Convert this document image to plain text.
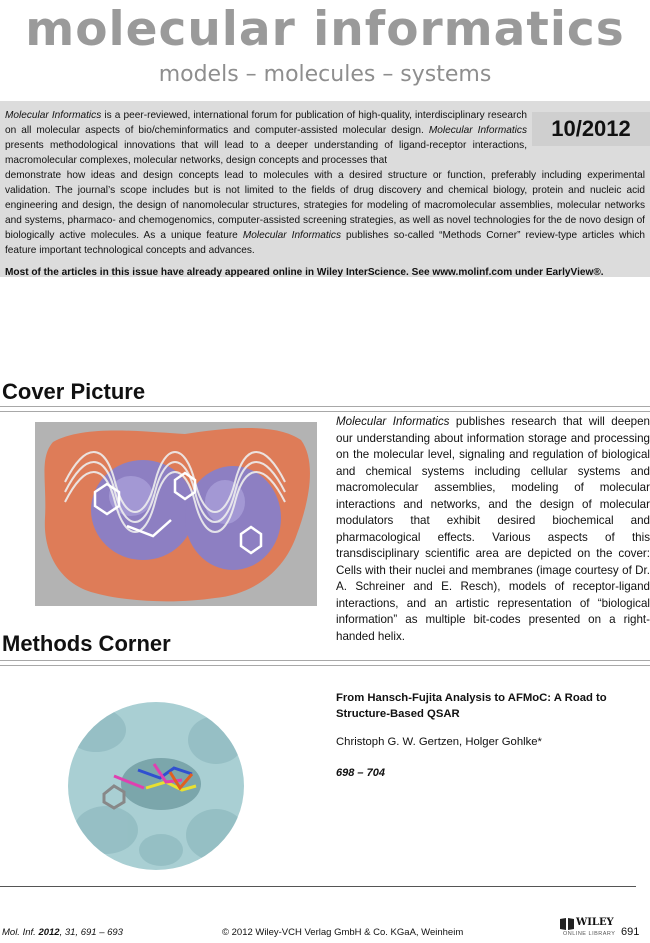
molecular informatics
models – molecules – systems
10/2012

Molecular Informatics is a peer-reviewed, international forum for publication of high-quality, interdisciplinary research on all molecular aspects of bio/cheminformatics and computer-assisted molecular design. Molecular Informatics presents methodological innovations that will lead to a deeper understanding of ligand-receptor interactions, macromolecular complexes, molecular networks, design concepts and processes that

demonstrate how ideas and design concepts lead to molecules with a desired structure or function, preferably including experimental validation. The journal’s scope includes but is not limited to the fields of drug discovery and chemical biology, protein and nucleic acid engineering and design, the design of nanomolecular structures, strategies for modeling of macromolecular assemblies, molecular networks and systems, pharmaco- and chemogenomics, computer-assisted screening strategies, as well as novel technologies for the de novo design of biologically active molecules. As a unique feature Molecular Informatics publishes so-called “Methods Corner” review-type articles which feature important technological concepts and advances.

Most of the articles in this issue have already appeared online in Wiley InterScience. See www.molinf.com under EarlyView®.

Cover Picture

Molecular Informatics publishes research that will deepen our understanding about information storage and processing on the molecular level, signaling and regulation of biological and chemical systems including cellular systems and macromolecular assemblies, modeling of molecular interactions and networks, and the design of molecular modulators that exhibit desired biochemical and pharmacological effects. Various aspects of this transdisciplinary scientific area are depicted on the cover: Cells with their nuclei and membranes (image courtesy of Dr. A. Schreiner and E. Resch), models of receptor-ligand interactions, and an artistic representation of “biological information” as multiple bit-codes presented on a right-handed helix.

Methods Corner
From Hansch-Fujita Analysis to AFMoC: A Road to Structure-Based QSAR
Christoph G. W. Gertzen, Holger Gohlke*
698 – 704
Mol. Inf. 2012, 31, 691 – 693	© 2012 Wiley-VCH Verlag GmbH & Co. KGaA, Weinheim
WILEY
ONLINE LIBRARY 691
